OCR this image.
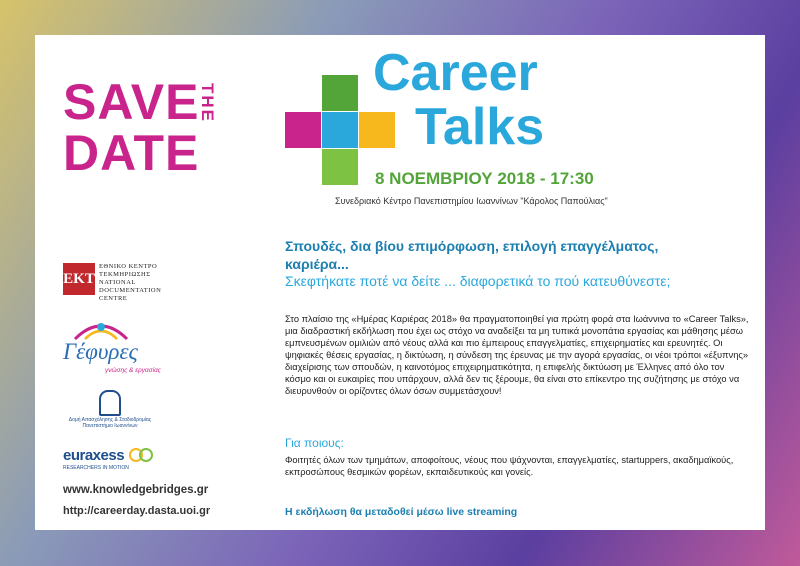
SAVE
THE
DATE
Career
Talks
8 ΝΟΕΜΒΡΙΟΥ 2018 - 17:30
Συνεδριακό Κέντρο Πανεπιστημίου Ιωαννίνων "Κάρολος Παπούλιας"
Σπουδές, δια βίου επιμόρφωση, επιλογή επαγγέλματος, καριέρα...
Σκεφτήκατε ποτέ να δείτε ... διαφορετικά το πού κατευθύνεστε;
Στο πλαίσιο της «Ημέρας Καριέρας 2018» θα πραγματοποιηθεί για πρώτη φορά στα Ιωάννινα το «Career Talks», μια διαδραστική εκδήλωση που έχει ως στόχο να αναδείξει τα μη τυπικά μονοπάτια εργασίας και μάθησης μέσω εμπνευσμένων ομιλιών από νέους αλλά και πιο έμπειρους επαγγελματίες, επιχειρηματίες και ερευνητές. Οι ψηφιακές θέσεις εργασίας, η δικτύωση, η σύνδεση της έρευνας με την αγορά εργασίας, οι νέοι τρόποι «έξυπνης» διαχείρισης των σπουδών, η καινοτόμος επιχειρηματικότητα, η επιφελής δικτύωση με Έλληνες από όλο τον κόσμο και οι ευκαιρίες που υπάρχουν, αλλά δεν τις ξέρουμε, θα είναι στο επίκεντρο της συζήτησης με στόχο να διευρυνθούν οι ορίζοντες όλων όσων συμμετάσχουν!
Για ποιους:
Φοιτητές όλων των τμημάτων, αποφοίτους, νέους που ψάχνονται, επαγγελματίες, startuppers, ακαδημαϊκούς, εκπροσώπους θεσμικών φορέων, εκπαιδευτικούς και γονείς.
Η εκδήλωση θα μεταδοθεί μέσω live streaming
ΕΚΤ
ΕΘΝΙΚΟ ΚΕΝΤΡΟ ΤΕΚΜΗΡΙΩΣΗΣ NATIONAL DOCUMENTATION CENTRE
Γέφυρες
γνώσης & εργασίας
Δομή Απασχόλησης & Σταδιοδρομίας Πανεπιστήμιο Ιωαννίνων
euraxess
RESEARCHERS IN MOTION
www.knowledgebridges.gr
http://careerday.dasta.uoi.gr
